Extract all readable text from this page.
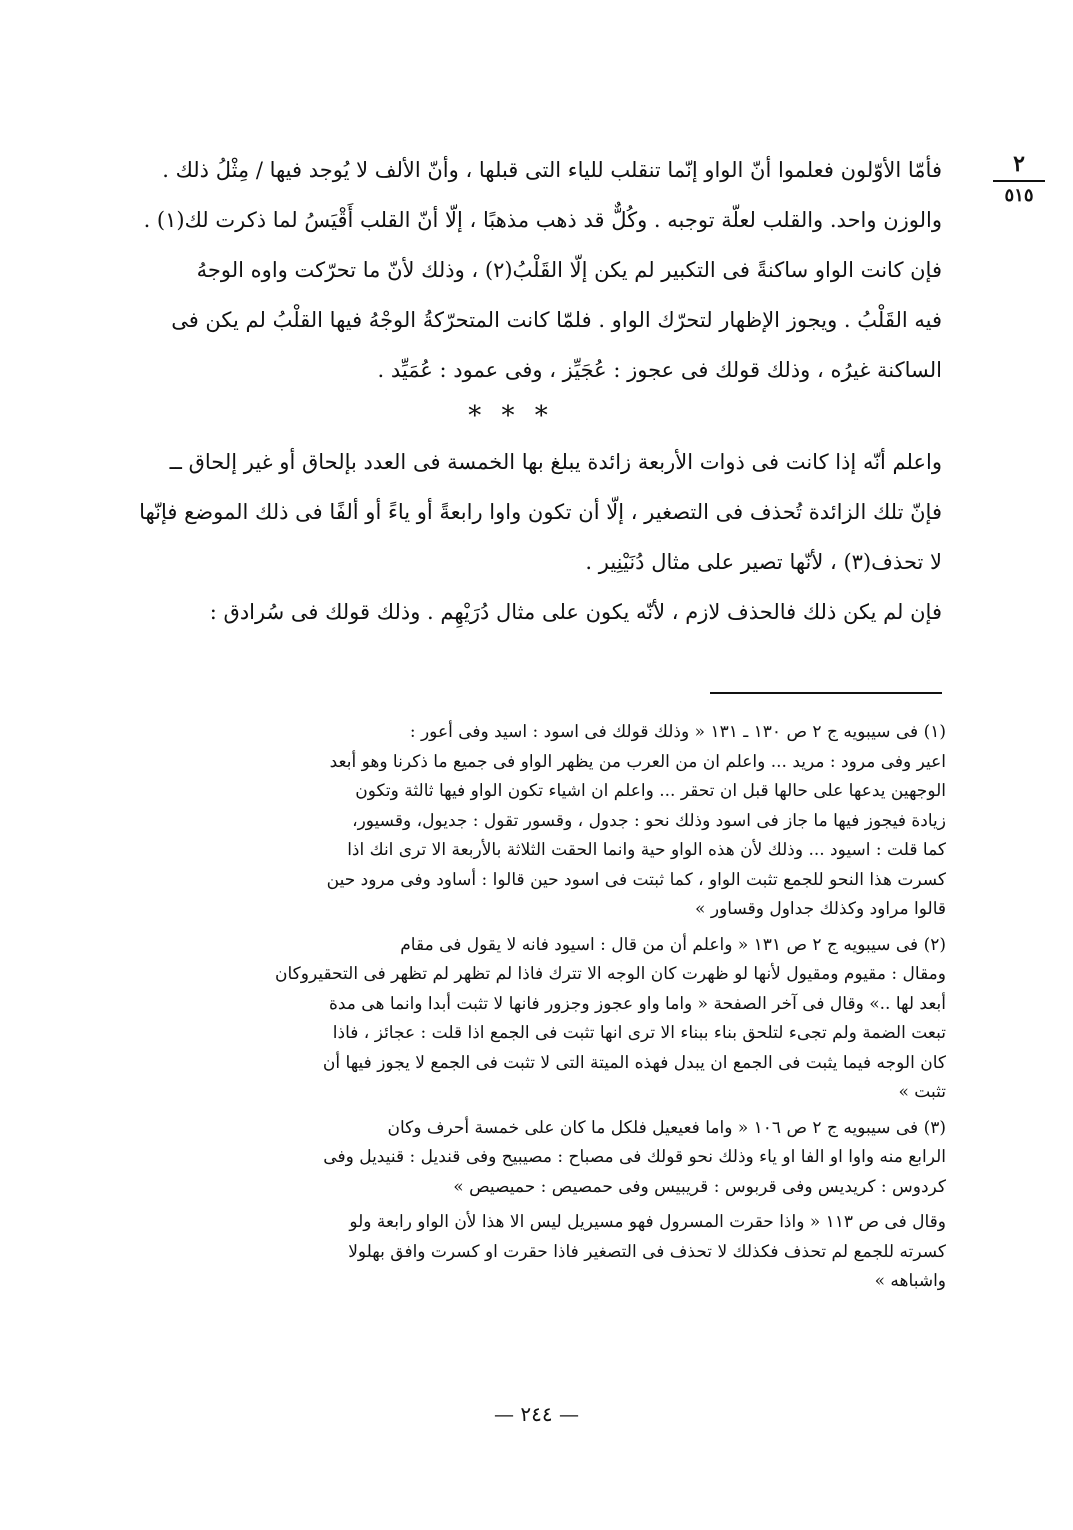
٢
٥١٥
فأمّا الأوّلون فعلموا أنّ الواو إنّما تنقلب للياء التى قبلها ، وأنّ الألف لا يُوجد فيها / مِثْلُ ذلك .
والوزن واحد. والقلب لعلّة توجبه . وكُلٌّ قد ذهب مذهبًا ، إلّا أنّ القلب أَقْيَسُ لما ذكرت لك(١) .
فإن كانت الواو ساكنةً فى التكبير لم يكن إلّا القَلْبُ(٢) ، وذلك لأنّ ما تحرّكت واوه الوجهُ
فيه القَلْبُ . ويجوز الإظهار لتحرّك الواو . فلمّا كانت المتحرّكةُ الوجْهُ فيها القلْبُ لم يكن فى
الساكنة غيرُه ، وذلك قولك فى عجوز : عُجَيِّز ، وفى عمود : عُمَيِّد .
* * *
واعلم أنّه إذا كانت فى ذوات الأربعة زائدة يبلغ بها الخمسة فى العدد بإلحاق أو غير إلحاق ــ
فإنّ تلك الزائدة تُحذف فى التصغير ، إلّا أن تكون واوا رابعةً أو ياءً أو ألفًا فى ذلك الموضع فإنّها
لا تحذف(٣) ، لأنّها تصير على مثال دُنَيْنِير .
فإن لم يكن ذلك فالحذف لازم ، لأنّه يكون على مثال دُرَيْهِم . وذلك قولك فى سُرادق :
(١) فى سيبويه ج ٢ ص ١٣٠ ـ ١٣١ « وذلك قولك فى اسود : اسيد وفى أعور :
اعير وفى مرود : مريد ... واعلم ان من العرب من يظهر الواو فى جميع ما ذكرنا وهو أبعد
الوجهين يدعها على حالها قبل ان تحقر ... واعلم ان اشياء تكون الواو فيها ثالثة وتكون
زيادة فيجوز فيها ما جاز فى اسود وذلك نحو : جدول ، وقسور تقول : جديول، وقسيور،
كما قلت : اسيود ... وذلك لأن هذه الواو حية وانما الحقت الثلاثة بالأربعة الا ترى انك اذا
كسرت هذا النحو للجمع تثبت الواو ، كما ثبتت فى اسود حين قالوا : أساود وفى مرود حين
قالوا مراود وكذلك جداول وقساور »
(٢) فى سيبويه ج ٢ ص ١٣١ « واعلم أن من قال : اسيود فانه لا يقول فى مقام
ومقال : مقيوم ومقيول لأنها لو ظهرت كان الوجه الا تترك فاذا لم تظهر لم تظهر فى التحقيروكان
أبعد لها ..» وقال فى آخر الصفحة « واما واو عجوز وجزور فانها لا تثبت أبدا وانما هى مدة
تبعت الضمة ولم تجىء لتلحق بناء ببناء الا ترى انها تثبت فى الجمع اذا قلت : عجائز ، فاذا
كان الوجه فيما يثبت فى الجمع ان يبدل فهذه الميتة التى لا تثبت فى الجمع لا يجوز فيها أن
تثبت »
(٣) فى سيبويه ج ٢ ص ١٠٦ « واما فعيعيل فلكل ما كان على خمسة أحرف وكان
الرابع منه واوا او الفا او ياء وذلك نحو قولك فى مصباح : مصيبيح وفى قنديل : قنيديل وفى
كردوس : كريديس وفى قربوس : قريبيس وفى حمصيص : حميصيص »
وقال فى ص ١١٣ « واذا حقرت المسرول فهو مسيريل ليس الا هذا لأن الواو رابعة ولو
كسرته للجمع لم تحذف فكذلك لا تحذف فى التصغير فاذا حقرت او كسرت وافق بهلولا
واشباهه »
— ٢٤٤ —
